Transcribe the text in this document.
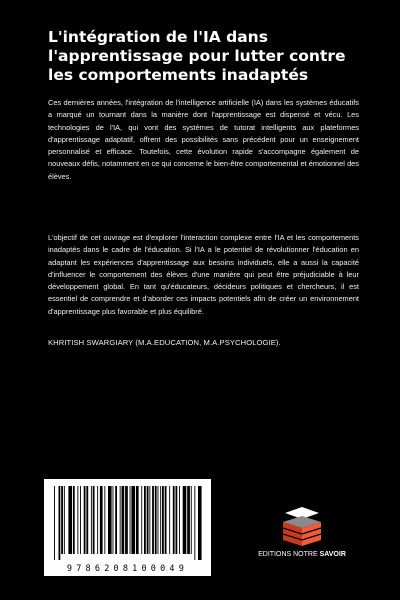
L'intégration de l'IA dans l'apprentissage pour lutter contre les comportements inadaptés

Ces dernières années, l'intégration de l'intelligence artificielle (IA) dans les systèmes éducatifs a marqué un tournant dans la manière dont l'apprentissage est dispensé et vécu. Les technologies de l'IA, qui vont des systèmes de tutorat intelligents aux plateformes d'apprentissage adaptatif, offrent des possibilités sans précédent pour un enseignement personnalisé et efficace. Toutefois, cette évolution rapide s'accompagne également de nouveaux défis, notamment en ce qui concerne le bien-être comportemental et émotionnel des élèves.

L'objectif de cet ouvrage est d'explorer l'interaction complexe entre l'IA et les comportements inadaptés dans le cadre de l'éducation. Si l'IA a le potentiel de révolutionner l'éducation en adaptant les expériences d'apprentissage aux besoins individuels, elle a aussi la capacité d'influencer le comportement des élèves d'une manière qui peut être préjudiciable à leur développement global. En tant qu'éducateurs, décideurs politiques et chercheurs, il est essentiel de comprendre et d'aborder ces impacts potentiels afin de créer un environnement d'apprentissage plus favorable et plus équilibré.

KHRITISH SWARGIARY (M.A.EDUCATION, M.A.PSYCHOLOGIE).

9786208100049
EDITIONS NOTRE SAVOIR
